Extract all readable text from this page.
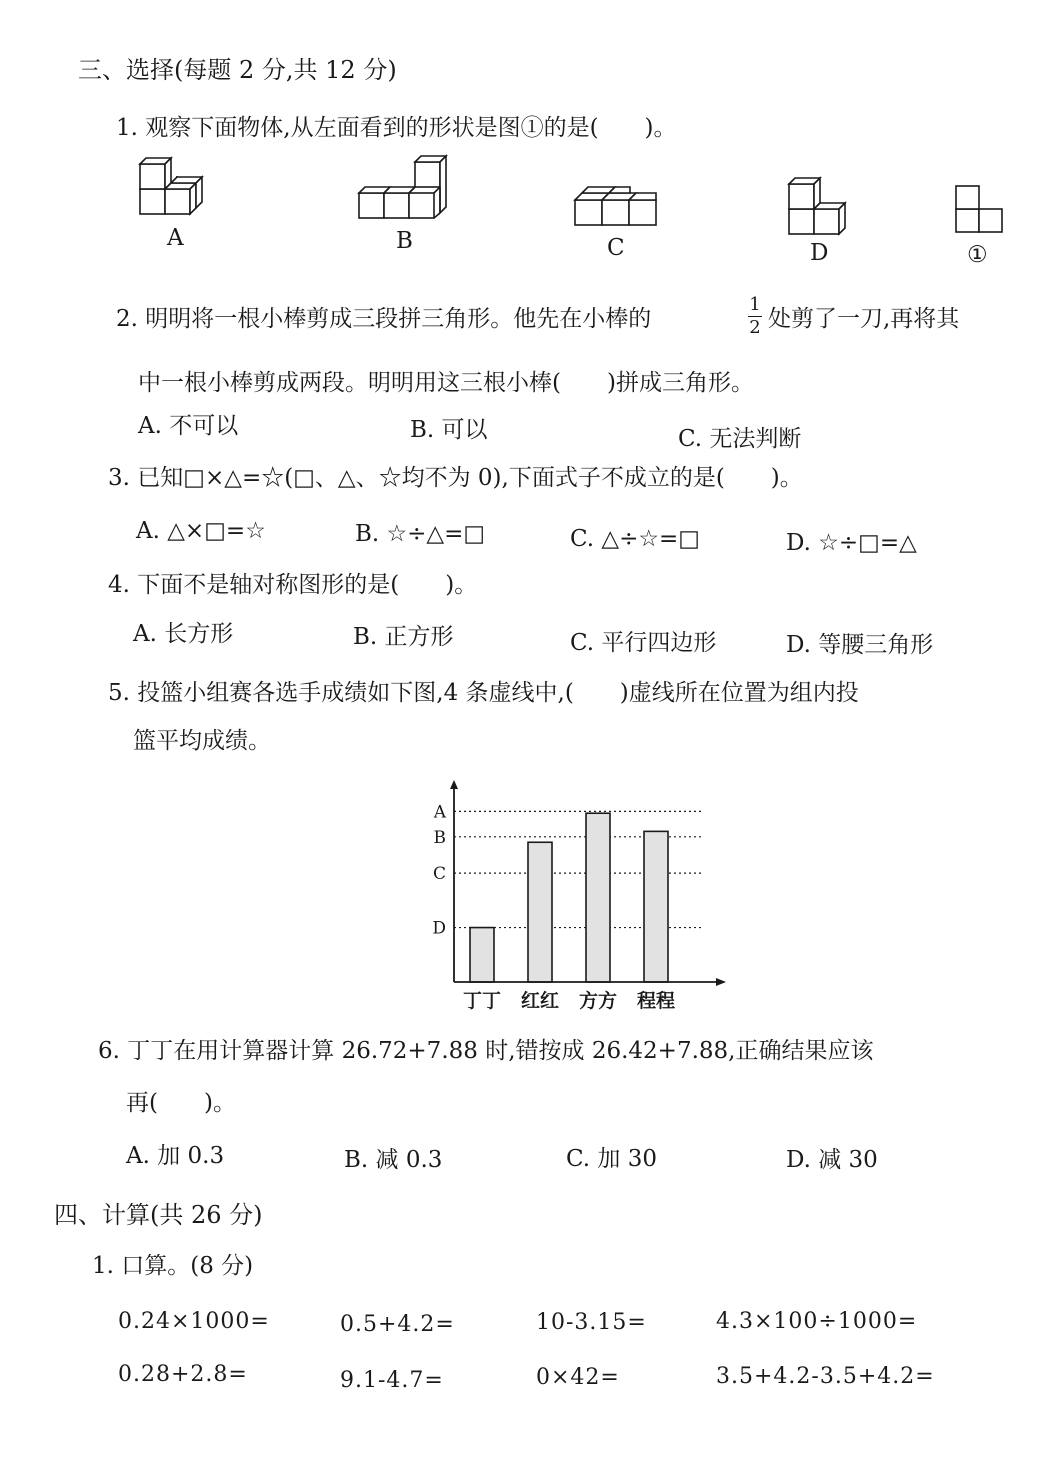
三、选择(每题 2 分,共 12 分)
1. 观察下面物体,从左面看到的形状是图①的是(　　)。
A	B	C	D	①
2. 明明将一根小棒剪成三段拼三角形。他先在小棒的
1
2 处剪了一刀,再将其
中一根小棒剪成两段。明明用这三根小棒(　　)拼成三角形。
A. 不可以	B. 可以	C. 无法判断
3. 已知□×△=☆(□、△、☆均不为 0),下面式子不成立的是(　　)。
A. △×□=☆	B. ☆÷△=□	C. △÷☆=□	D. ☆÷□=△
4. 下面不是轴对称图形的是(　　)。
A. 长方形	B. 正方形	C. 平行四边形	D. 等腰三角形
5. 投篮小组赛各选手成绩如下图,4 条虚线中,(　　)虚线所在位置为组内投
篮平均成绩。
A
B
C
D
丁丁 红红 方方 程程
6. 丁丁在用计算器计算 26.72+7.88 时,错按成 26.42+7.88,正确结果应该
再(　　)。
A. 加 0.3	B. 减 0.3	C. 加 30	D. 减 30
四、计算(共 26 分)
1. 口算。(8 分)
0.24×1000=	0.5+4.2=	10-3.15=	4.3×100÷1000=
0.28+2.8=	9.1-4.7=	0×42=	3.5+4.2-3.5+4.2=
